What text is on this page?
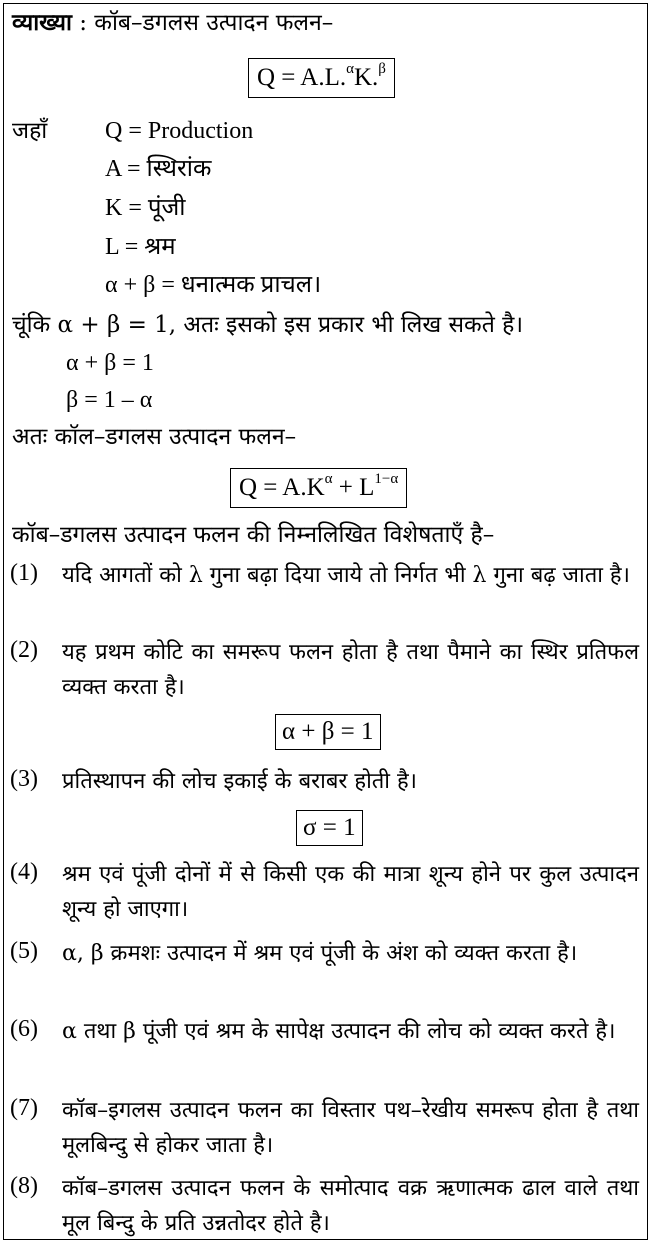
व्याख्या : कॉब–डगलस उत्पादन फलन–
Q = A.L.$^\alpha$K.$^\beta$
जहाँ Q = Production
A = स्थिरांक
K = पूंजी
L = श्रम
α + β = धनात्मक प्राचल।
चूंकि α + β = 1, अतः इसको इस प्रकार भी लिख सकते है।
α + β = 1
β = 1 – α
अतः कॉल–डगलस उत्पादन फलन–
$Q = A.K^\alpha + L^{1-\alpha}$
कॉब–डगलस उत्पादन फलन की निम्नलिखित विशेषताएँ है–
(1) यदि आगतों को λ गुना बढ़ा दिया जाये तो निर्गत भी λ गुना बढ़ जाता है।
(2) यह प्रथम कोटि का समरूप फलन होता है तथा पैमाने का स्थिर प्रतिफल व्यक्त करता है।
α + β = 1
(3) प्रतिस्थापन की लोच इकाई के बराबर होती है।
σ = 1
(4) श्रम एवं पूंजी दोनों में से किसी एक की मात्रा शून्य होने पर कुल उत्पादन शून्य हो जाएगा।
(5) α, β क्रमशः उत्पादन में श्रम एवं पूंजी के अंश को व्यक्त करता है।
(6) α तथा β पूंजी एवं श्रम के सापेक्ष उत्पादन की लोच को व्यक्त करते है।
(7) कॉब–इगलस उत्पादन फलन का विस्तार पथ–रेखीय समरूप होता है तथा मूलबिन्दु से होकर जाता है।
(8) कॉब–डगलस उत्पादन फलन के समोत्पाद वक्र ऋणात्मक ढाल वाले तथा मूल बिन्दु के प्रति उन्नतोदर होते है।
